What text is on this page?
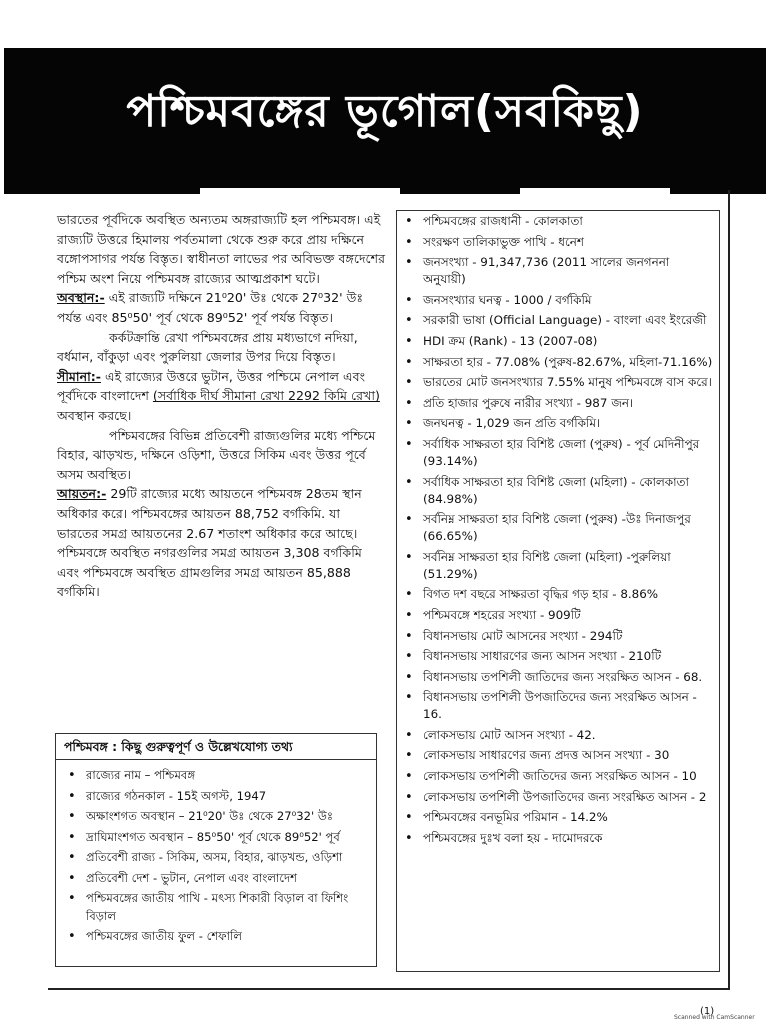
পশ্চিমবঙ্গের ভূগোল(সবকিছু)

ভারতের পূর্বদিকে অবস্থিত অন্যতম অঙ্গরাজ্যটি হল পশ্চিমবঙ্গ। এই রাজ্যটি উত্তরে হিমালয় পর্বতমালা থেকে শুরু করে প্রায় দক্ষিনে বঙ্গোপসাগর পর্যন্ত বিস্তৃত। স্বাধীনতা লাভের পর অবিভক্ত বঙ্গদেশের পশ্চিম অংশ নিয়ে পশ্চিমবঙ্গ রাজ্যের আত্মপ্রকাশ ঘটে।

অবস্থান:- এই রাজ্যটি দক্ষিনে 21⁰20' উঃ থেকে 27⁰32' উঃ পর্যন্ত এবং 85⁰50' পূর্ব থেকে 89⁰52' পূর্ব পর্যন্ত বিস্তৃত।

কর্কটক্রান্তি রেখা পশ্চিমবঙ্গের প্রায় মধ্যভাগে নদিয়া, বর্ধমান, বাঁকুড়া এবং পুরুলিয়া জেলার উপর দিয়ে বিস্তৃত।

সীমানা:- এই রাজ্যের উত্তরে ভুটান, উত্তর পশ্চিমে নেপাল এবং পূর্বদিকে বাংলাদেশ (সর্বাধিক দীর্ঘ সীমানা রেখা 2292 কিমি রেখা) অবস্থান করছে।

পশ্চিমবঙ্গের বিভিন্ন প্রতিবেশী রাজ্যগুলির মধ্যে পশ্চিমে বিহার, ঝাড়খন্ড, দক্ষিনে ওড়িশা, উত্তরে সিকিম এবং উত্তর পূর্বে অসম অবস্থিত।

আয়তন:- 29টি রাজ্যের মধ্যে আয়তনে পশ্চিমবঙ্গ 28তম স্থান অধিকার করে। পশ্চিমবঙ্গের আয়তন 88,752 বর্গকিমি. যা ভারতের সমগ্র আয়তনের 2.67 শতাংশ অধিকার করে আছে। পশ্চিমবঙ্গে অবস্থিত নগরগুলির সমগ্র আয়তন 3,308 বর্গকিমি এবং পশ্চিমবঙ্গে অবস্থিত গ্রামগুলির সমগ্র আয়তন 85,888 বর্গকিমি।

পশ্চিমবঙ্গ : কিছু গুরুত্বপূর্ণ ও উল্লেখযোগ্য তথ্য
• রাজ্যের নাম – পশ্চিমবঙ্গ
• রাজ্যের গঠনকাল - 15ই অগস্ট, 1947
• অক্ষাংশগত অবস্থান – 21⁰20' উঃ থেকে 27⁰32' উঃ
• দ্রাঘিমাংশগত অবস্থান – 85⁰50' পূর্ব থেকে 89⁰52' পূর্ব
• প্রতিবেশী রাজ্য - সিকিম, অসম, বিহার, ঝাড়খন্ড, ওড়িশা
• প্রতিবেশী দেশ - ভুটান, নেপাল এবং বাংলাদেশ
• পশ্চিমবঙ্গের জাতীয় পাখি - মৎস্য শিকারী বিড়াল বা ফিশিং বিড়াল
• পশ্চিমবঙ্গের জাতীয় ফুল - শেফালি
• পশ্চিমবঙ্গের রাজধানী - কোলকাতা
• সংরক্ষণ তালিকাভুক্ত পাখি - ধনেশ
• জনসংখ্যা - 91,347,736 (2011 সালের জনগননা অনুযায়ী)
• জনসংখ্যার ঘনত্ব - 1000 / বর্গকিমি
• সরকারী ভাষা (Official Language) - বাংলা এবং ইংরেজী
• HDI ক্রম (Rank) - 13 (2007-08)
• সাক্ষরতা হার - 77.08% (পুরুষ-82.67%, মহিলা-71.16%)
• ভারতের মোট জনসংখ্যার 7.55% মানুষ পশ্চিমবঙ্গে বাস করে।
• প্রতি হাজার পুরুষে নারীর সংখ্যা - 987 জন।
• জনঘনত্ব - 1,029 জন প্রতি বর্গকিমি।
• সর্বাধিক সাক্ষরতা হার বিশিষ্ট জেলা (পুরুষ) - পূর্ব মেদিনীপুর (93.14%)
• সর্বাধিক সাক্ষরতা হার বিশিষ্ট জেলা (মহিলা) - কোলকাতা (84.98%)
• সর্বনিম্ন সাক্ষরতা হার বিশিষ্ট জেলা (পুরুষ) -উঃ দিনাজপুর (66.65%)
• সর্বনিম্ন সাক্ষরতা হার বিশিষ্ট জেলা (মহিলা) -পুরুলিয়া (51.29%)
• বিগত দশ বছরে সাক্ষরতা বৃদ্ধির গড় হার - 8.86%
• পশ্চিমবঙ্গে শহরের সংখ্যা - 909টি
• বিধানসভায় মোট আসনের সংখ্যা - 294টি
• বিধানসভায় সাধারণের জন্য আসন সংখ্যা - 210টি
• বিধানসভায় তপশিলী জাতিদের জন্য সংরক্ষিত আসন - 68.
• বিধানসভায় তপশিলী উপজাতিদের জন্য সংরক্ষিত আসন - 16.
• লোকসভায় মোট আসন সংখ্যা - 42.
• লোকসভায় সাধারণের জন্য প্রদত্ত আসন সংখ্যা - 30
• লোকসভায় তপশিলী জাতিদের জন্য সংরক্ষিত আসন - 10
• লোকসভায় তপশিলী উপজাতিদের জন্য সংরক্ষিত আসন - 2
• পশ্চিমবঙ্গের বনভূমির পরিমান - 14.2%
• পশ্চিমবঙ্গের দুঃখ বলা হয় - দামোদরকে
(1)
Scanned with CamScanner
